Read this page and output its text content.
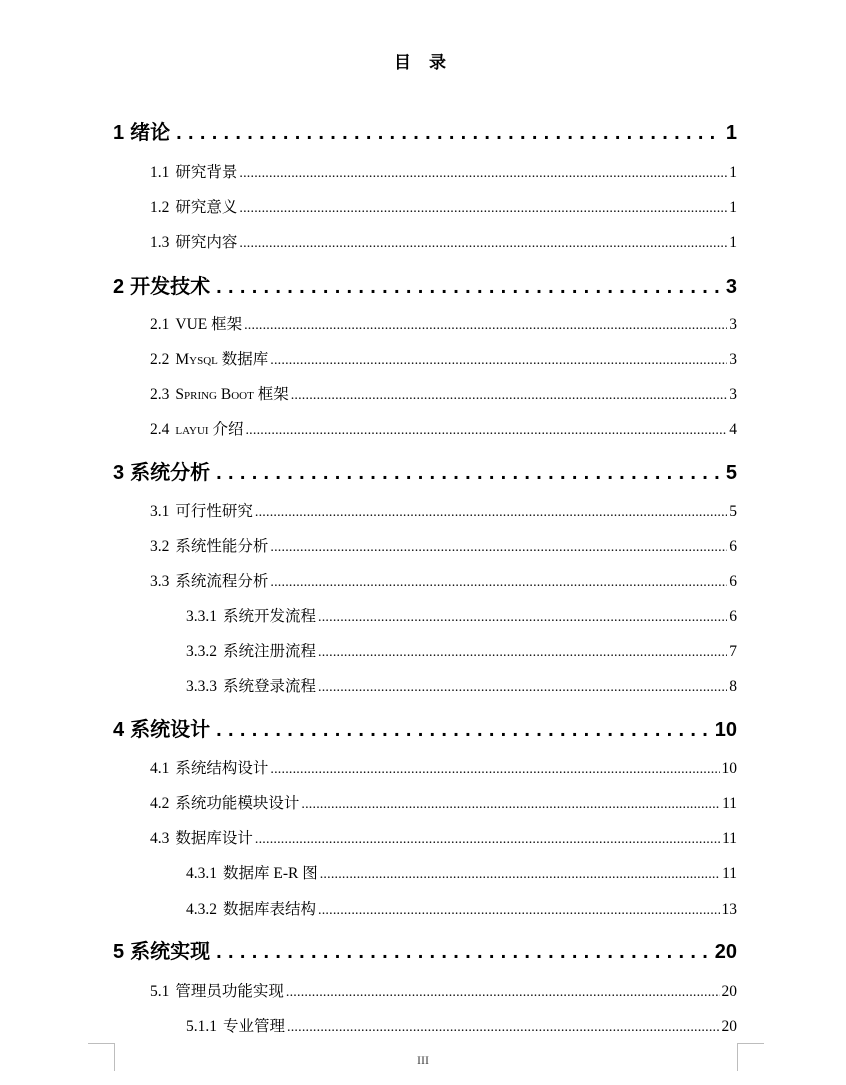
目 录
1 绪论 .....	1
1.1 研究背景 .....	1
1.2 研究意义 .....	1
1.3 研究内容 .....	1
2 开发技术 .....	3
2.1 VUE 框架 .....	3
2.2 Mysql 数据库 .....	3
2.3 Spring Boot 框架 .....	3
2.4 layui 介绍 .....	4
3 系统分析 .....	5
3.1 可行性研究 .....	5
3.2 系统性能分析 .....	6
3.3 系统流程分析 .....	6
3.3.1 系统开发流程 .....	6
3.3.2 系统注册流程 .....	7
3.3.3 系统登录流程 .....	8
4 系统设计 .....	10
4.1 系统结构设计 .....	10
4.2 系统功能模块设计 .....	11
4.3 数据库设计 .....	11
4.3.1 数据库 E-R 图 .....	11
4.3.2 数据库表结构 .....	13
5 系统实现 .....	20
5.1 管理员功能实现 .....	20
5.1.1 专业管理 .....	20
III
